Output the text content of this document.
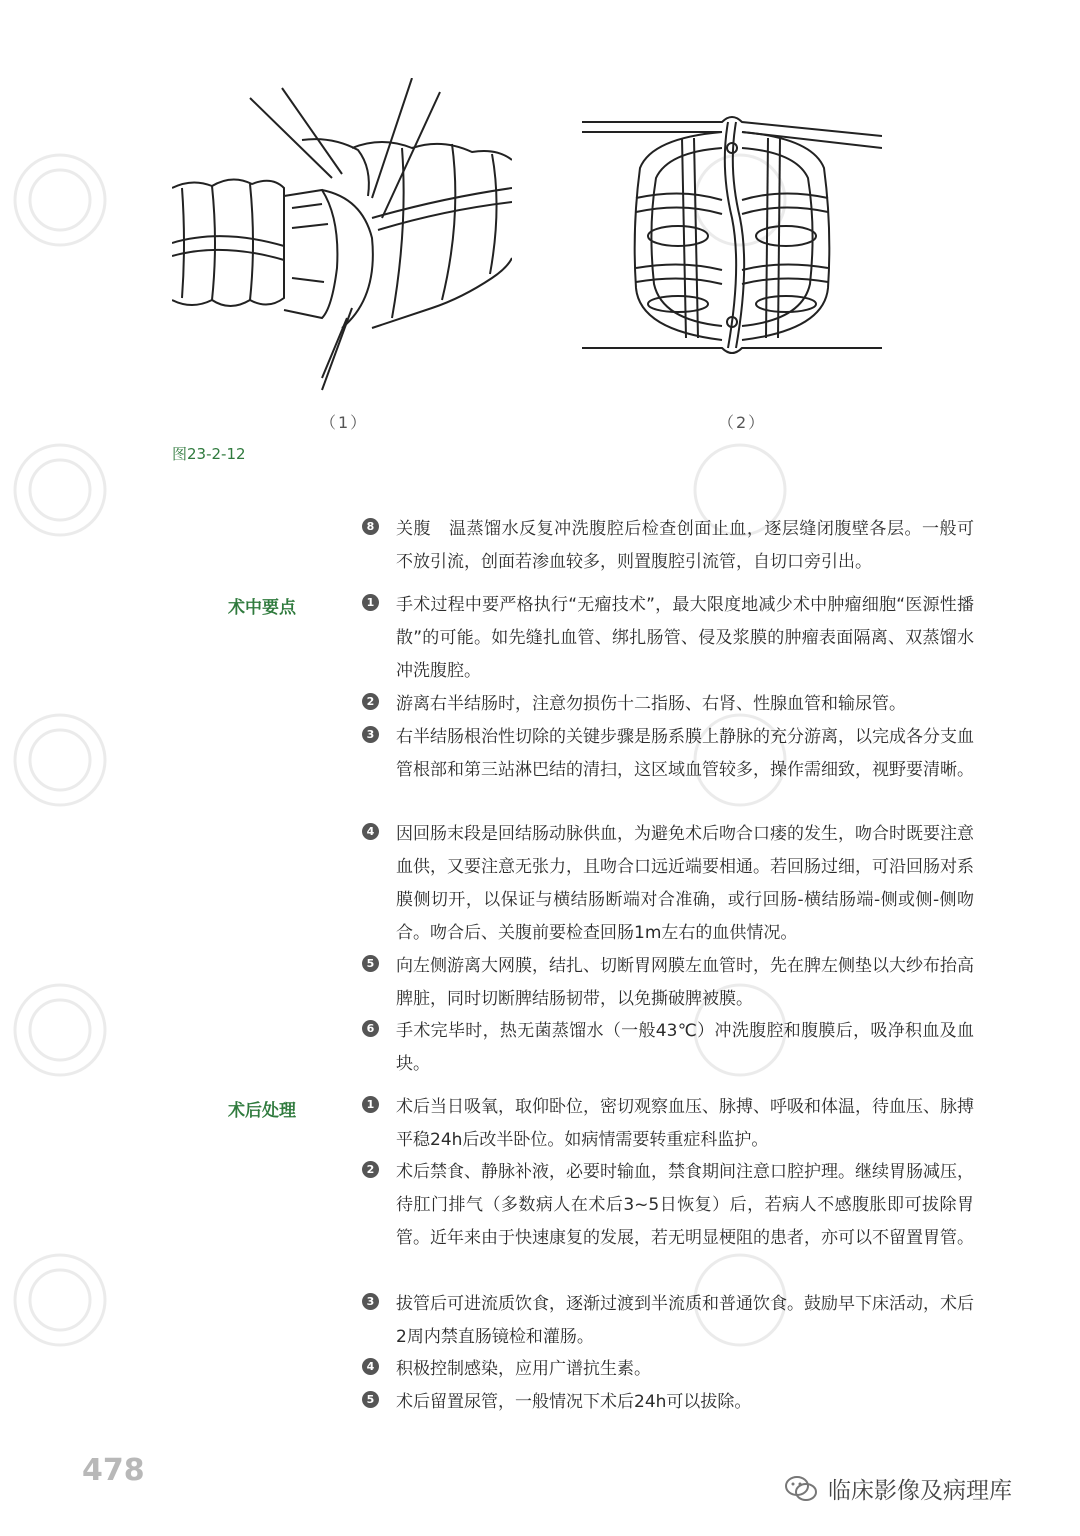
（1）	（2）
图23-2-12
8 关腹 温蒸馏水反复冲洗腹腔后检查创面止血，逐层缝闭腹壁各层。一般可不放引流，创面若渗血较多，则置腹腔引流管，自切口旁引出。
术中要点	1 手术过程中要严格执行“无瘤技术”，最大限度地减少术中肿瘤细胞“医源性播散”的可能。如先缝扎血管、绑扎肠管、侵及浆膜的肿瘤表面隔离、双蒸馏水冲洗腹腔。
2 游离右半结肠时，注意勿损伤十二指肠、右肾、性腺血管和输尿管。
3 右半结肠根治性切除的关键步骤是肠系膜上静脉的充分游离，以完成各分支血管根部和第三站淋巴结的清扫，这区域血管较多，操作需细致，视野要清晰。
4 因回肠末段是回结肠动脉供血，为避免术后吻合口瘘的发生，吻合时既要注意血供，又要注意无张力，且吻合口远近端要相通。若回肠过细，可沿回肠对系膜侧切开，以保证与横结肠断端对合准确，或行回肠-横结肠端-侧或侧-侧吻合。吻合后、关腹前要检查回肠1m左右的血供情况。
5 向左侧游离大网膜，结扎、切断胃网膜左血管时，先在脾左侧垫以大纱布抬高脾脏，同时切断脾结肠韧带，以免撕破脾被膜。
6 手术完毕时，热无菌蒸馏水（一般43℃）冲洗腹腔和腹膜后，吸净积血及血块。
术后处理	1 术后当日吸氧，取仰卧位，密切观察血压、脉搏、呼吸和体温，待血压、脉搏平稳24h后改半卧位。如病情需要转重症科监护。
2 术后禁食、静脉补液，必要时输血，禁食期间注意口腔护理。继续胃肠减压，待肛门排气（多数病人在术后3~5日恢复）后，若病人不感腹胀即可拔除胃管。近年来由于快速康复的发展，若无明显梗阻的患者，亦可以不留置胃管。
3 拔管后可进流质饮食，逐渐过渡到半流质和普通饮食。鼓励早下床活动，术后2周内禁直肠镜检和灌肠。
4 积极控制感染，应用广谱抗生素。
5 术后留置尿管，一般情况下术后24h可以拔除。
478
临床影像及病理库
